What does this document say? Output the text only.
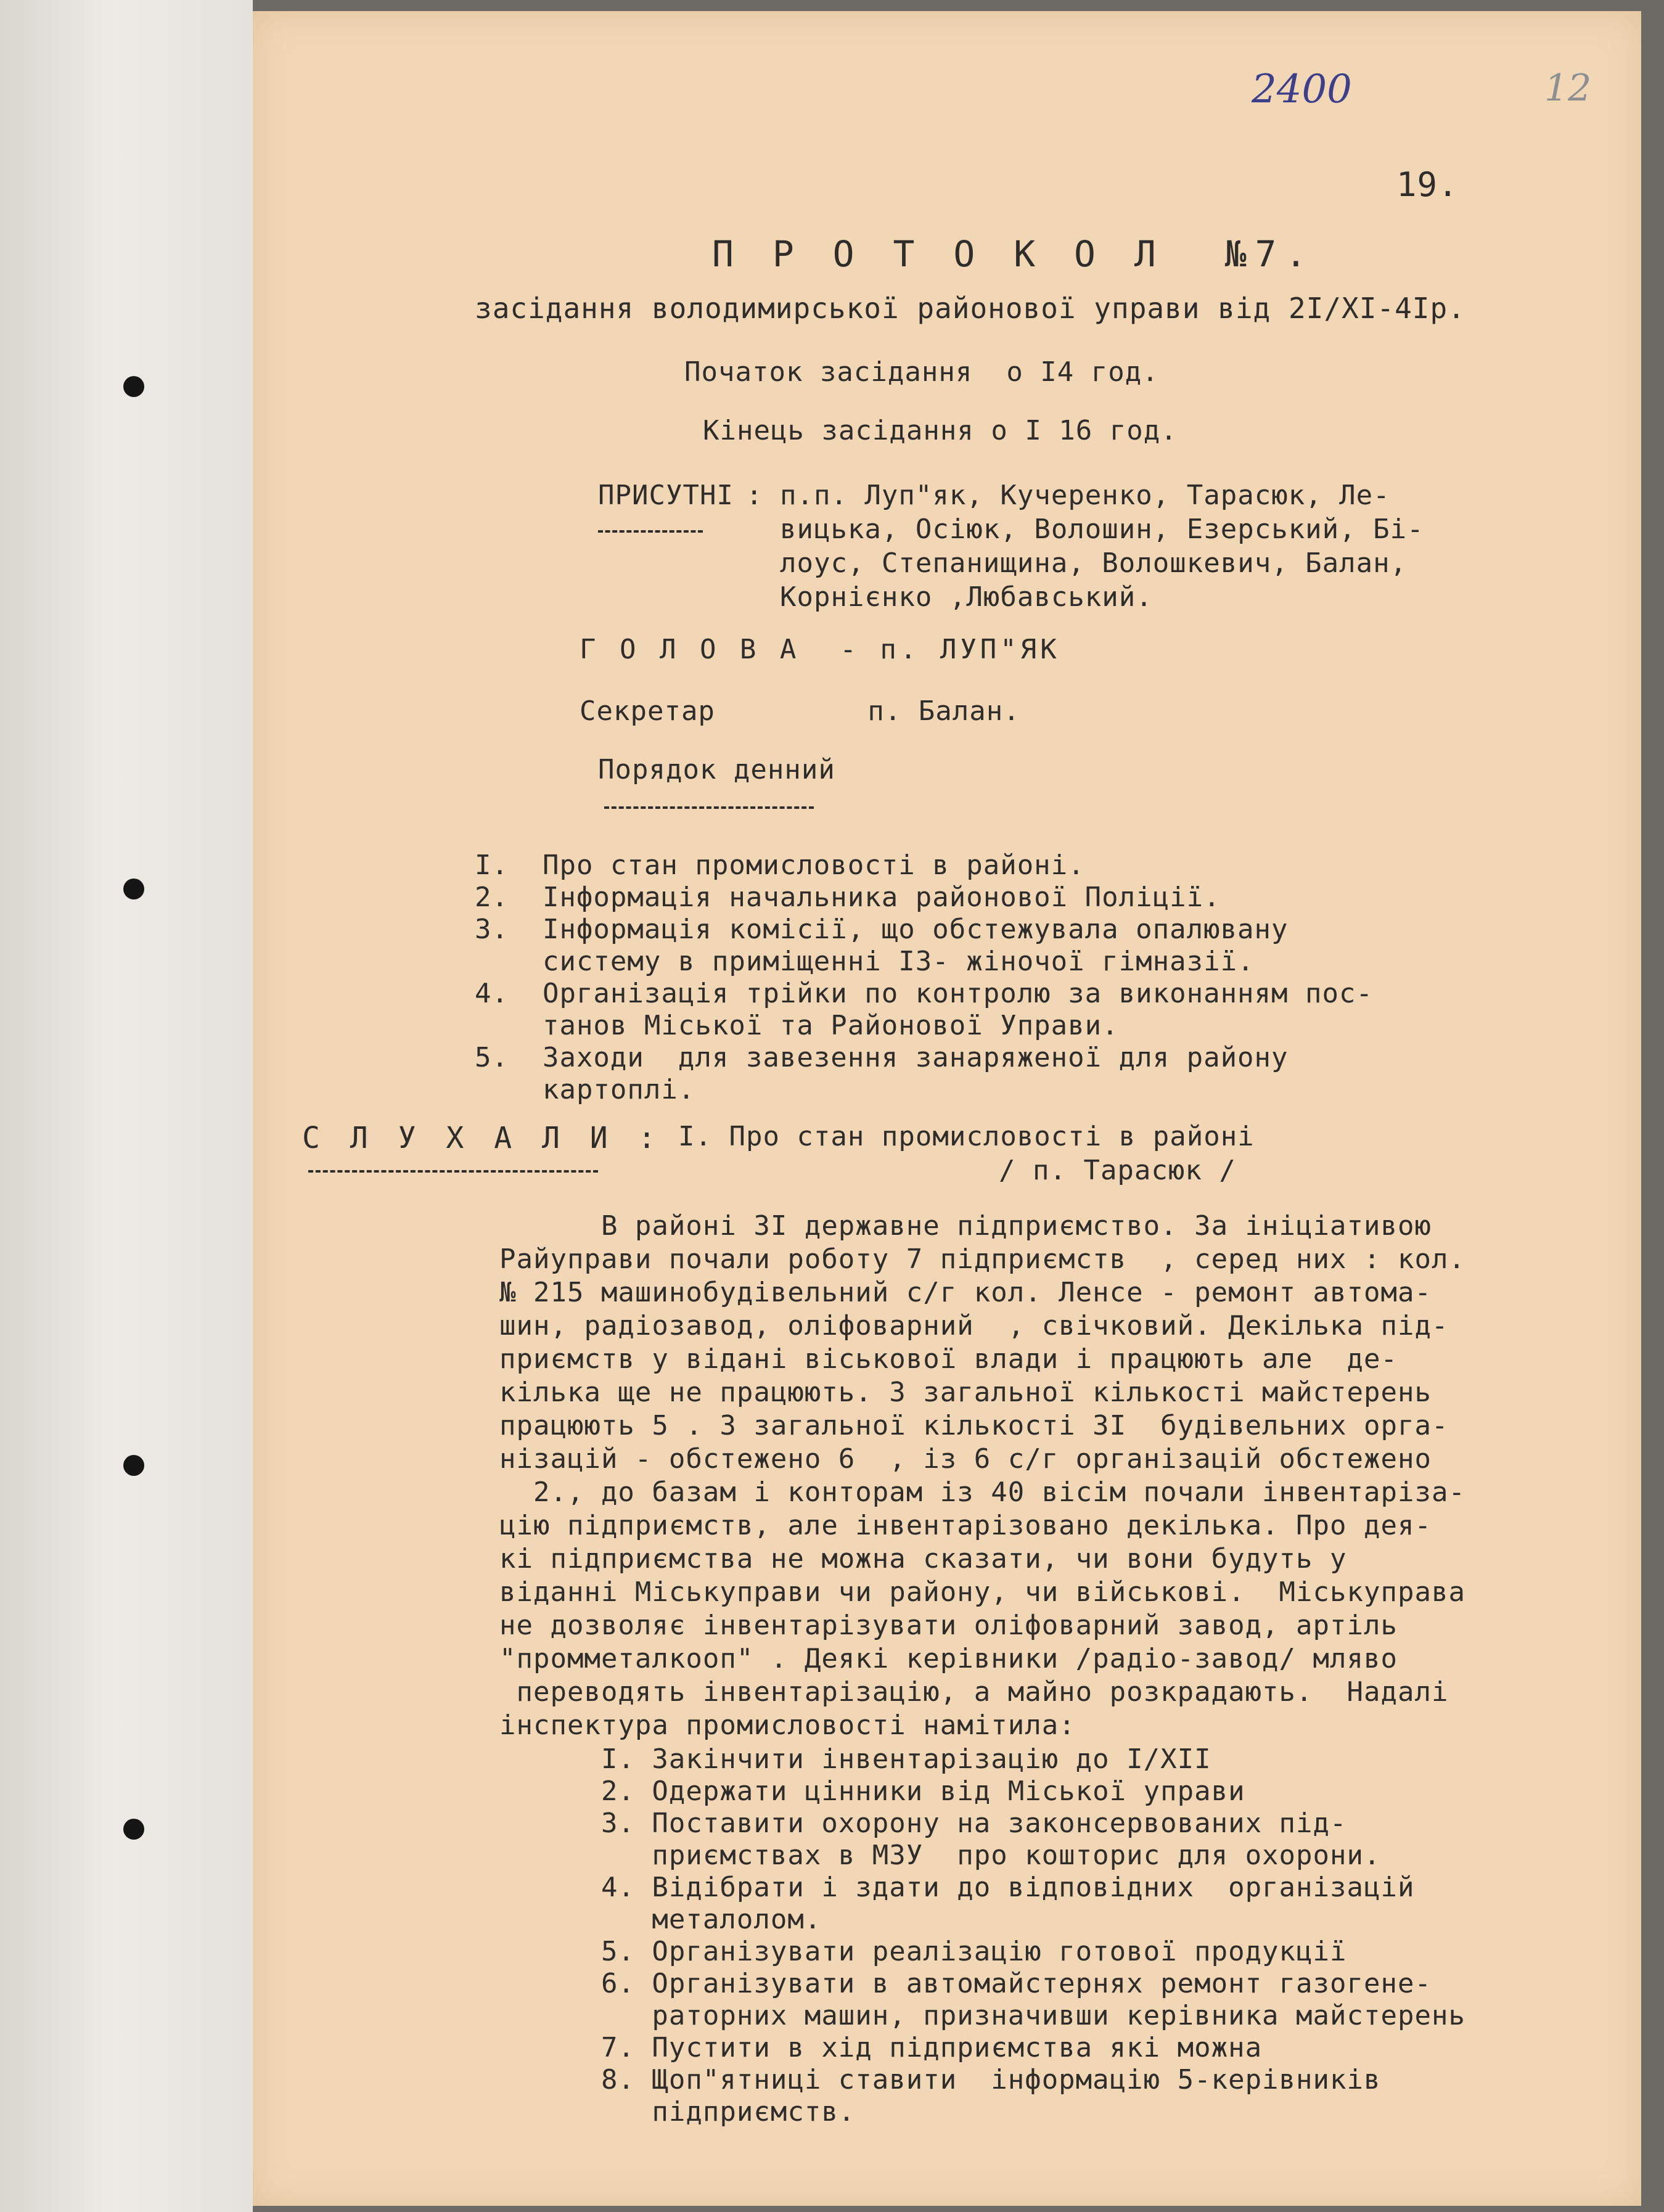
2400	12
19.
П Р О Т О К О Л  №7.
засідання володимирської районової управи від 2I/XI-4Iр.
Початок засідання  о I4 год.
Кінець засідання о I 16 год.
ПРИСУТНІ : п.п. Луп"як, Кучеренко, Тарасюк, Ле-
вицька, Осіюк, Волошин, Езерський, Бі-
лоус, Степанищина, Волошкевич, Балан,
Корнієнко ,Любавський.
Г О Л О В А  - п. ЛУП"ЯК
Секретар         п. Балан.
Порядок денний
I.  Про стан промисловості в районі.
2.  Інформація начальника районової Поліції.
3.  Інформація комісії, що обстежувала опалювану
систему в приміщенні I3- жіночої гімназії.
4.  Організація трійки по контролю за виконанням пос-
танов Міської та Районової Управи.
5.  Заходи  для завезення занаряженої для району
картоплі.
С Л У Х А Л И : I. Про стан промисловості в районі
/ п. Тарасюк /
В районі 3I державне підприємство. За ініціативою
Райуправи почали роботу 7 підприємств  , серед них : кол.
№ 215 машинобудівельний с/г кол. Ленсе - ремонт автома-
шин, радіозавод, оліфоварний  , свічковий. Декілька під-
приємств у відані віськової влади і працюють але  де-
кілька ще не працюють. З загальної кількості майстерень
працюють 5 . З загальної кількості 3I  будівельних орга-
нізацій - обстежено 6  , із 6 с/г організацій обстежено
2., до базам і конторам із 40 вісім почали інвентаріза-
цію підприємств, але інвентарізовано декілька. Про дея-
кі підприємства не можна сказати, чи вони будуть у
віданні Міськуправи чи району, чи військові.  Міськуправа
не дозволяє інвентарізувати оліфоварний завод, артіль
"промметалкооп" . Деякі керівники /радіо-завод/ мляво
переводять інвентарізацію, а майно розкрадають.  Надалі
інспектура промисловості намітила:
I. Закінчити інвентарізацію до I/XII
2. Одержати цінники від Міської управи
3. Поставити охорону на законсервованих під-
приємствах в МЗУ  про кошторис для охорони.
4. Відібрати і здати до відповідних  організацій
металолом.
5. Організувати реалізацію готової продукції
6. Організувати в автомайстернях ремонт газогене-
раторних машин, призначивши керівника майстерень
7. Пустити в хід підприємства які можна
8. Щоп"ятниці ставити  інформацію 5-керівників
підприємств.
